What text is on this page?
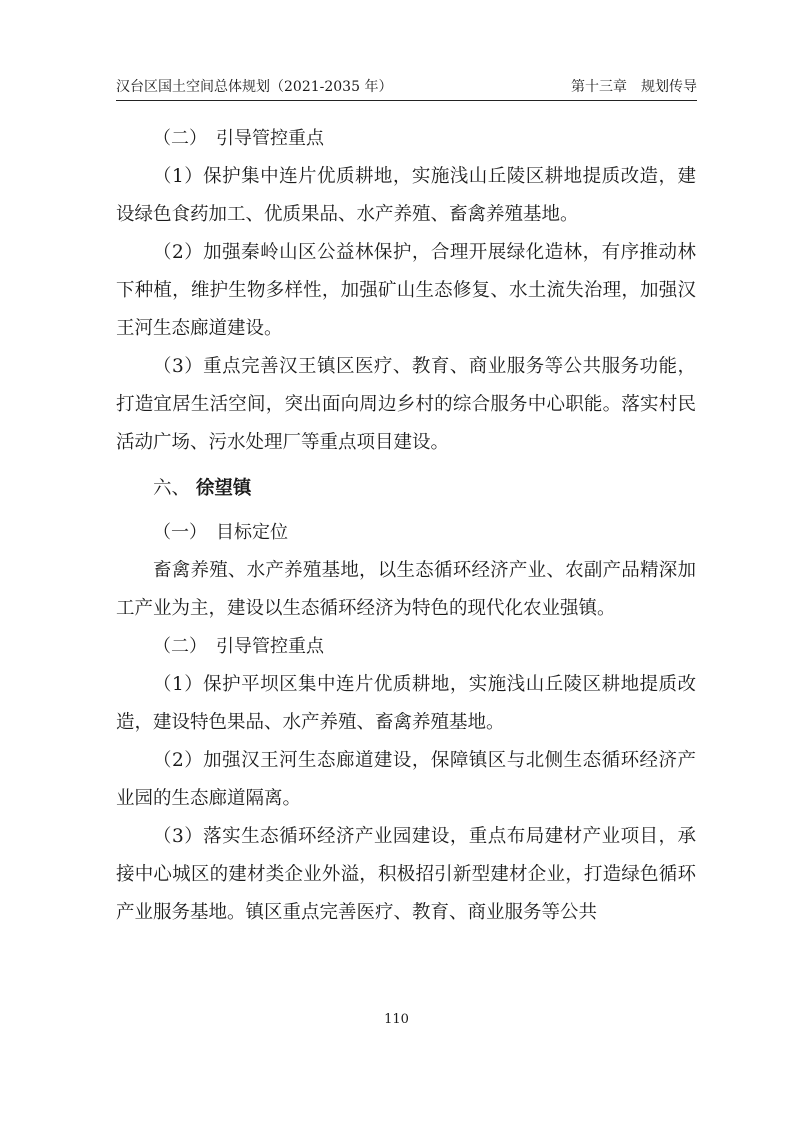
汉台区国土空间总体规划（2021-2035 年）	第十三章　规划传导

（二）　引导管控重点

（1）保护集中连片优质耕地，实施浅山丘陵区耕地提质改造，建设绿色食药加工、优质果品、水产养殖、畜禽养殖基地。

（2）加强秦岭山区公益林保护，合理开展绿化造林，有序推动林下种植，维护生物多样性，加强矿山生态修复、水土流失治理，加强汉王河生态廊道建设。

（3）重点完善汉王镇区医疗、教育、商业服务等公共服务功能，打造宜居生活空间，突出面向周边乡村的综合服务中心职能。落实村民活动广场、污水处理厂等重点项目建设。

六、 徐望镇

（一）　目标定位

畜禽养殖、水产养殖基地，以生态循环经济产业、农副产品精深加工产业为主，建设以生态循环经济为特色的现代化农业强镇。

（二）　引导管控重点

（1）保护平坝区集中连片优质耕地，实施浅山丘陵区耕地提质改造，建设特色果品、水产养殖、畜禽养殖基地。

（2）加强汉王河生态廊道建设，保障镇区与北侧生态循环经济产业园的生态廊道隔离。

（3）落实生态循环经济产业园建设，重点布局建材产业项目，承接中心城区的建材类企业外溢，积极招引新型建材企业，打造绿色循环产业服务基地。镇区重点完善医疗、教育、商业服务等公共

110
